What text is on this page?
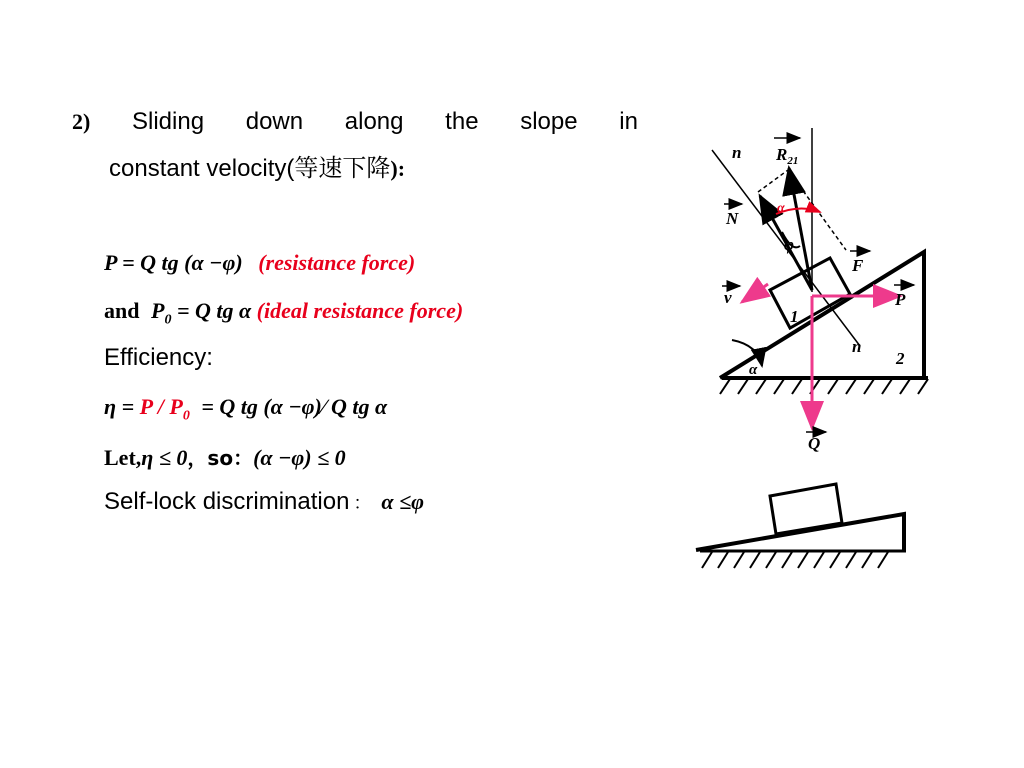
2) Sliding down along the slope in
constant velocity(等速下降):
P = Q tg (α −φ) (resistance force)
and $P_0 = Q$ tg α (ideal resistance force)
Efficiency:
$\eta = P / P_0 = Q$ tg (α −φ)∕ Q tg α
Let,η ≤ 0，so：(α −φ) ≤ 0
Self-lock discrimination ： α ≤φ
n $R_{21}$
α
N
φ
F
v	P
1
n
2
α
Q
